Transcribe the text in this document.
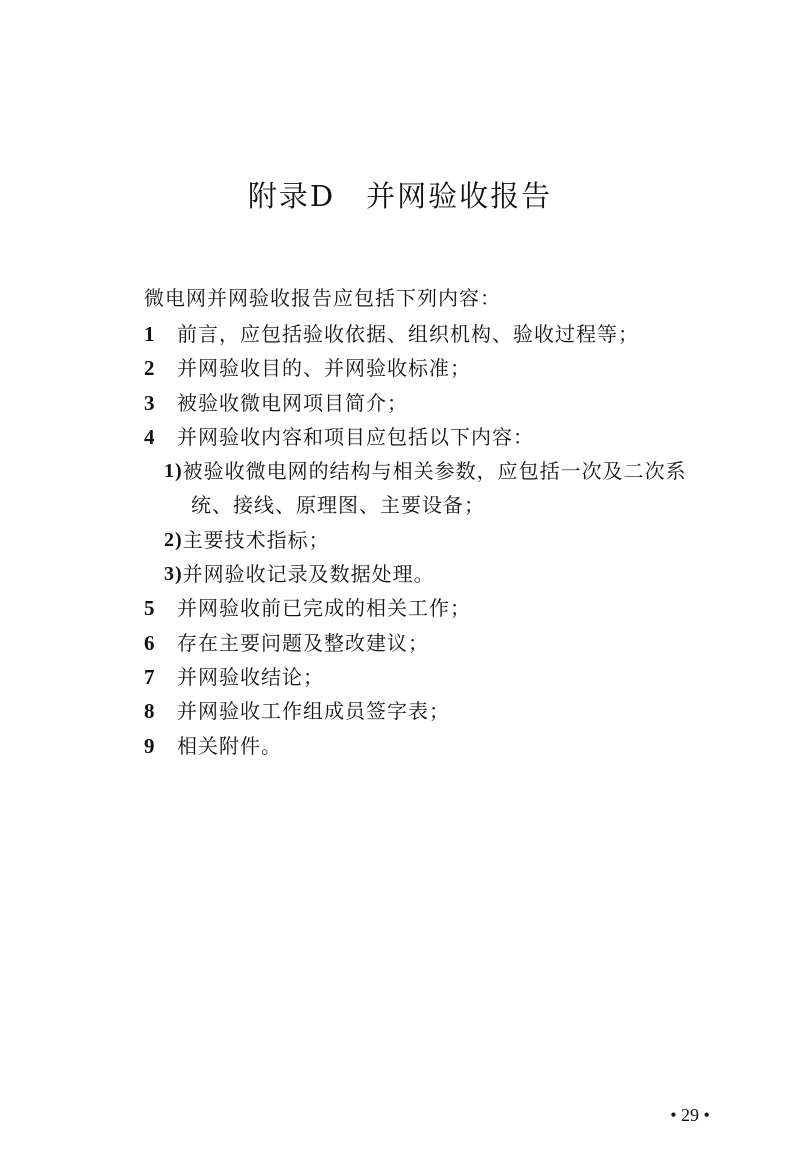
附录D　并网验收报告
微电网并网验收报告应包括下列内容：
1	前言，应包括验收依据、组织机构、验收过程等；
2	并网验收目的、并网验收标准；
3	被验收微电网项目简介；
4	并网验收内容和项目应包括以下内容：
1) 被验收微电网的结构与相关参数，应包括一次及二次系
统、接线、原理图、主要设备；
2) 主要技术指标；
3) 并网验收记录及数据处理。
5	并网验收前已完成的相关工作；
6	存在主要问题及整改建议；
7	并网验收结论；
8	并网验收工作组成员签字表；
9	相关附件。
• 29 •
